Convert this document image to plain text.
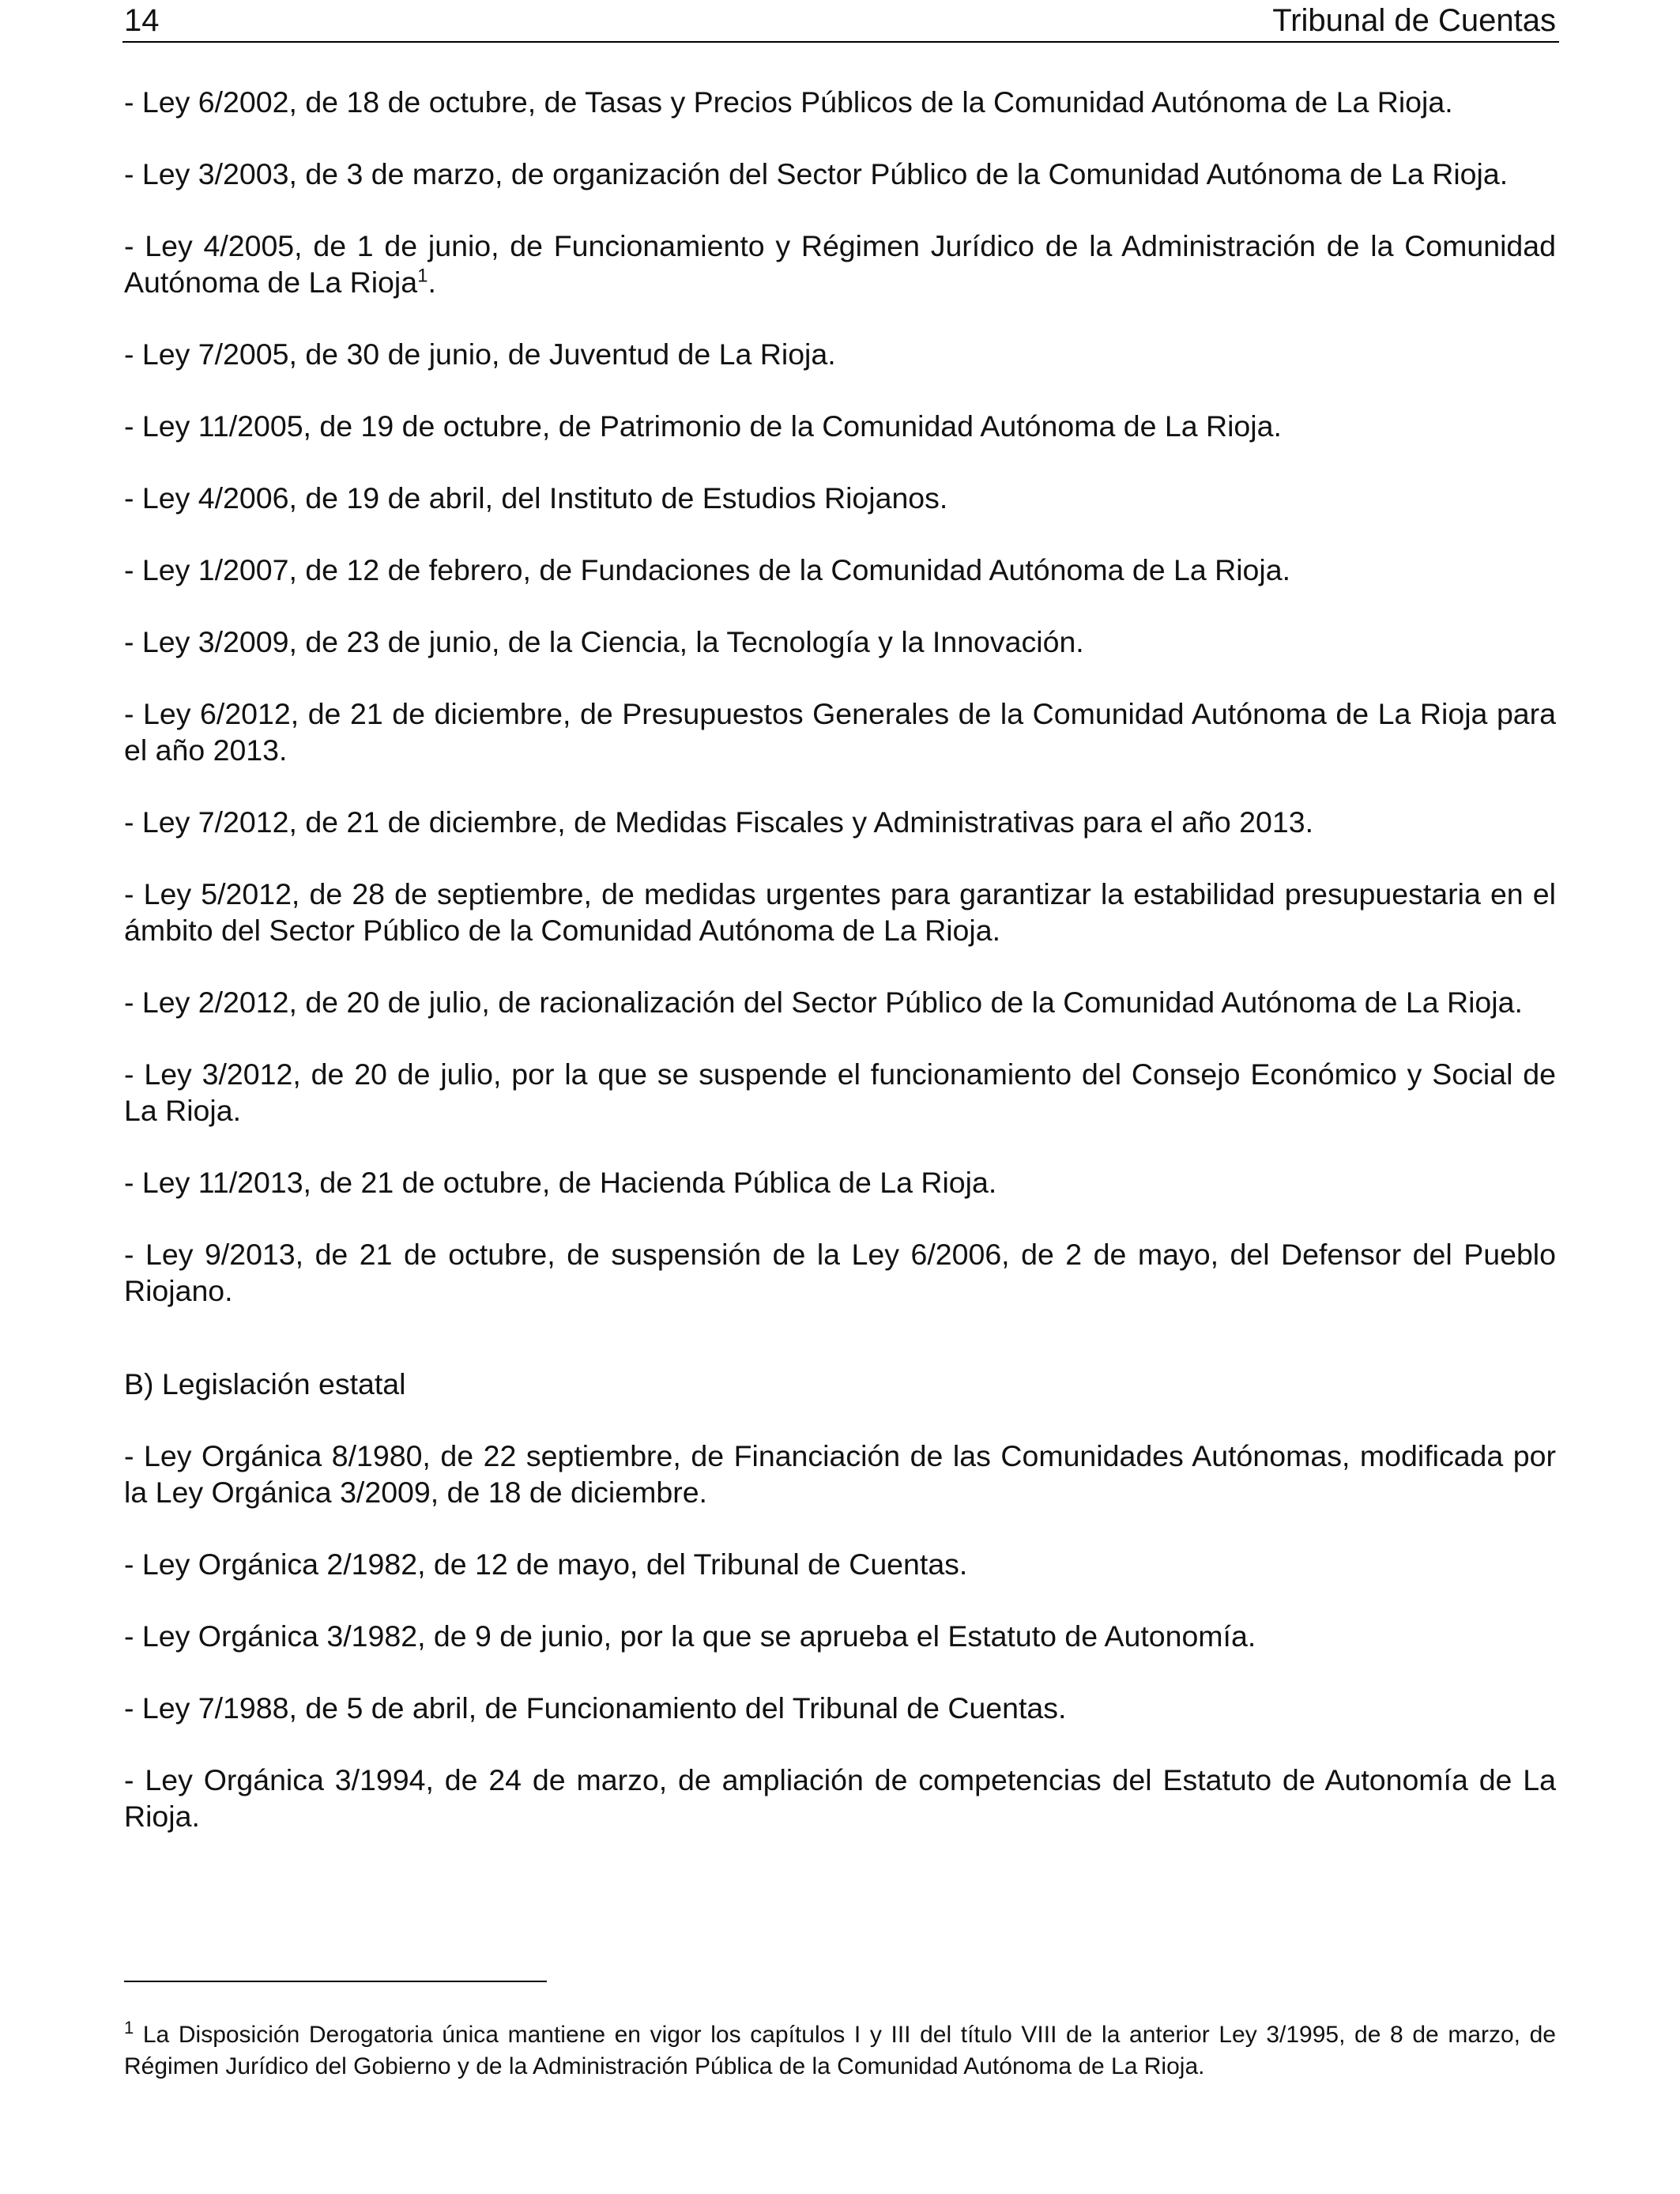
14	Tribunal de Cuentas

- Ley 6/2002, de 18 de octubre, de Tasas y Precios Públicos de la Comunidad Autónoma de La Rioja.

- Ley 3/2003, de 3 de marzo, de organización del Sector Público de la Comunidad Autónoma de La Rioja.

- Ley 4/2005, de 1 de junio, de Funcionamiento y Régimen Jurídico de la Administración de la Comunidad Autónoma de La Rioja$^1$.

- Ley 7/2005, de 30 de junio, de Juventud de La Rioja.

- Ley 11/2005, de 19 de octubre, de Patrimonio de la Comunidad Autónoma de La Rioja.

- Ley 4/2006, de 19 de abril, del Instituto de Estudios Riojanos.

- Ley 1/2007, de 12 de febrero, de Fundaciones de la Comunidad Autónoma de La Rioja.

- Ley 3/2009, de 23 de junio, de la Ciencia, la Tecnología y la Innovación.

- Ley 6/2012, de 21 de diciembre, de Presupuestos Generales de la Comunidad Autónoma de La Rioja para el año 2013.

- Ley 7/2012, de 21 de diciembre, de Medidas Fiscales y Administrativas para el año 2013.

- Ley 5/2012, de 28 de septiembre, de medidas urgentes para garantizar la estabilidad presupuestaria en el ámbito del Sector Público de la Comunidad Autónoma de La Rioja.

- Ley 2/2012, de 20 de julio, de racionalización del Sector Público de la Comunidad Autónoma de La Rioja.

- Ley 3/2012, de 20 de julio, por la que se suspende el funcionamiento del Consejo Económico y Social de La Rioja.

- Ley 11/2013, de 21 de octubre, de Hacienda Pública de La Rioja.

- Ley 9/2013, de 21 de octubre, de suspensión de la Ley 6/2006, de 2 de mayo, del Defensor del Pueblo Riojano.

B) Legislación estatal

- Ley Orgánica 8/1980, de 22 septiembre, de Financiación de las Comunidades Autónomas, modificada por la Ley Orgánica 3/2009, de 18 de diciembre.

- Ley Orgánica 2/1982, de 12 de mayo, del Tribunal de Cuentas.

- Ley Orgánica 3/1982, de 9 de junio, por la que se aprueba el Estatuto de Autonomía.

- Ley 7/1988, de 5 de abril, de Funcionamiento del Tribunal de Cuentas.

- Ley Orgánica 3/1994, de 24 de marzo, de ampliación de competencias del Estatuto de Autonomía de La Rioja.

$^1$ La Disposición Derogatoria única mantiene en vigor los capítulos I y III del título VIII de la anterior Ley 3/1995, de 8 de marzo, de Régimen Jurídico del Gobierno y de la Administración Pública de la Comunidad Autónoma de La Rioja.
